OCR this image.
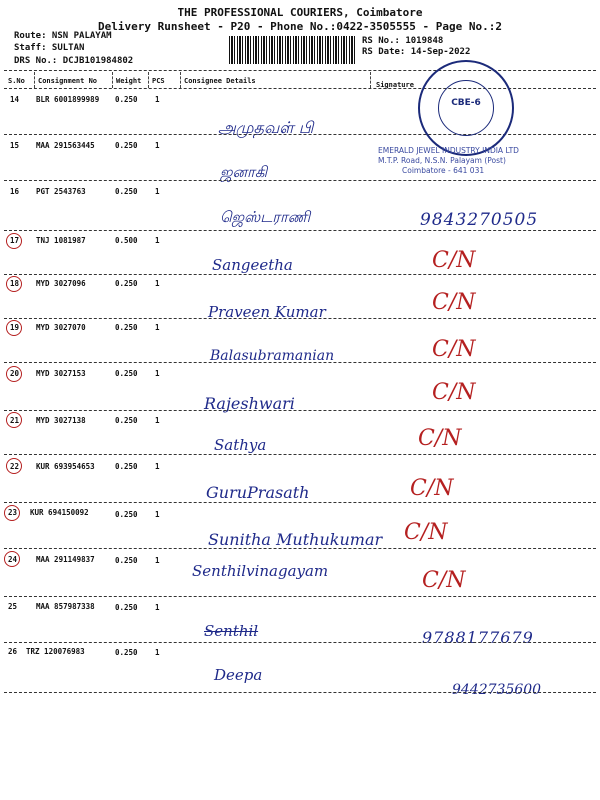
THE PROFESSIONAL COURIERS, Coimbatore
Delivery Runsheet - P20 - Phone No.:0422-3505555 - Page No.:2
Route: NSN PALAYAM
Staff: SULTAN
DRS No.: DCJB101984802
RS No.: 1019848
RS Date: 14-Sep-2022
S.No Consignment No	Weight PCS	Consignee Details	Signature
14 BLR 6001899989 0.250 1
அமுதவள் பி
15 MAA 291563445	0.250 1
ஜனாகி
16 PGT 2543763	0.250 1
ஜெஸ்டராணி	9843270505
17 TNJ 1081987	0.500 1
Sangeetha	C/N
18 MYD 3027096	0.250 1
Praveen Kumar	C/N
19 MYD 3027070	0.250 1
Balasubramanian	C/N
20 MYD 3027153	0.250 1
Rajeshwari	C/N
21 MYD 3027138	0.250 1
Sathya	C/N
22 KUR 693954653	0.250 1
GuruPrasath	C/N
23 KUR 694150092	0.250 1
Sunitha Muthukumar C/N
24	MAA 291149837	0.250 1
Senthilvinagayam	C/N
25	MAA 857987338	0.250 1
Senthil	9788177679
26 TRZ 120076983	0.250 1
Deepa
9442735600
CBE-6
EMERALD JEWEL INDUSTRY INDIA LTD
M.T.P. Road, N.S.N. Palayam (Post)
Coimbatore - 641 031
